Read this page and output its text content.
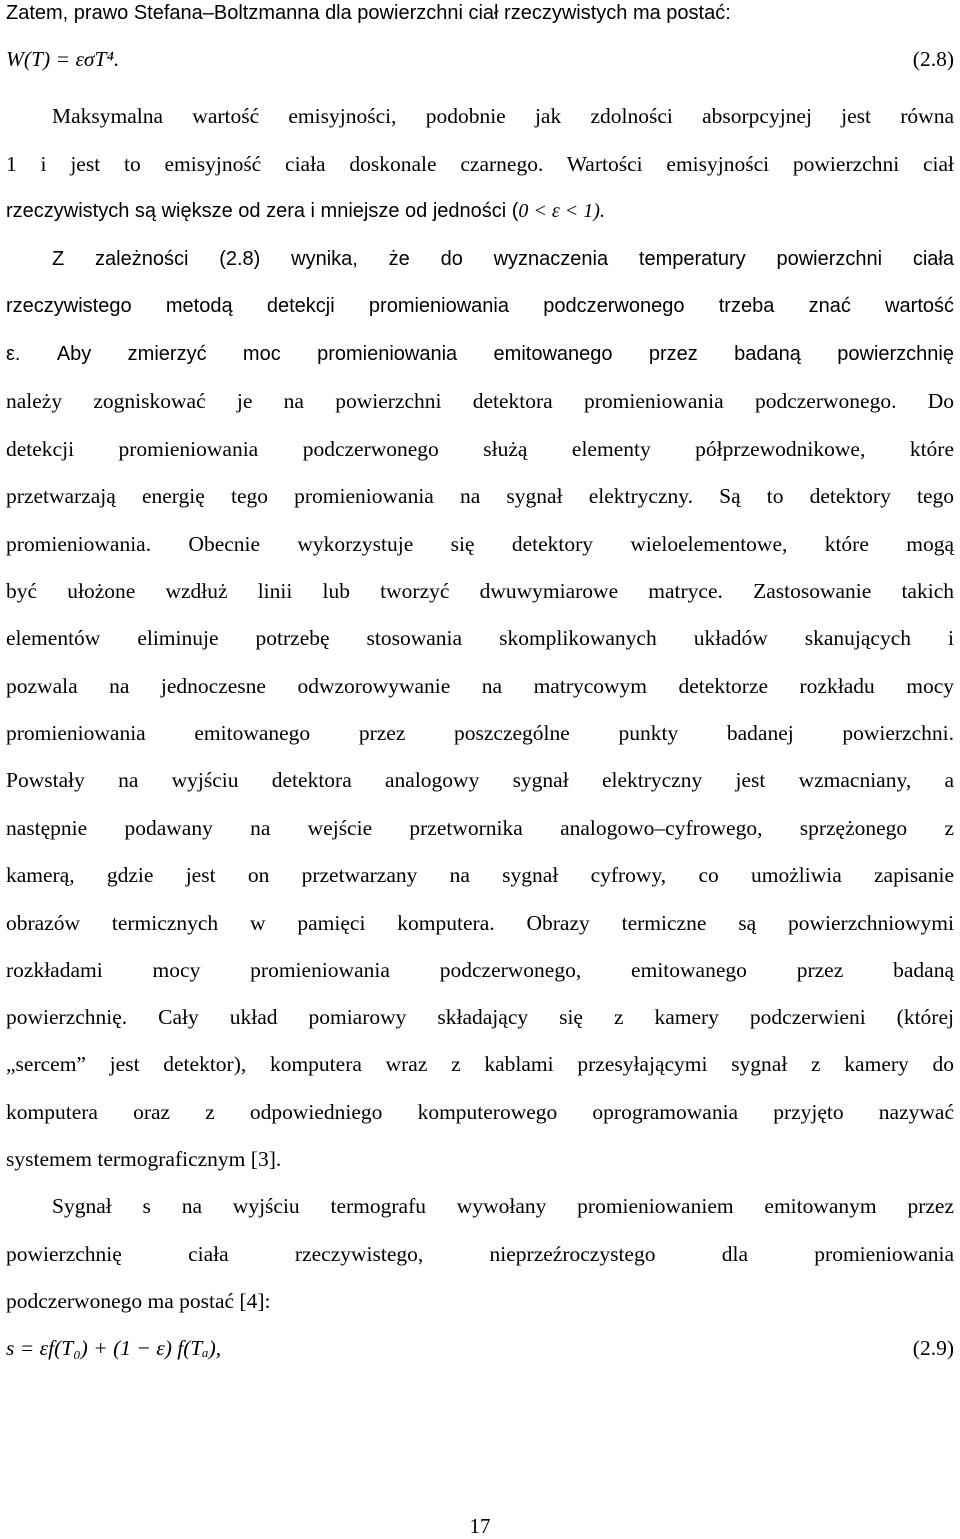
Zatem, prawo Stefana–Boltzmanna dla powierzchni ciał rzeczywistych ma postać:
W(T) = εσT⁴.	(2.8)
Maksymalna wartość emisyjności, podobnie jak zdolności absorpcyjnej jest równa
1 i jest to emisyjność ciała doskonale czarnego. Wartości emisyjności powierzchni ciał
rzeczywistych są większe od zera i mniejsze od jedności (0 < ε < 1).
Z zależności (2.8) wynika, że do wyznaczenia temperatury powierzchni ciała
rzeczywistego metodą detekcji promieniowania podczerwonego trzeba znać wartość
ε. Aby zmierzyć moc promieniowania emitowanego przez badaną powierzchnię
należy zogniskować je na powierzchni detektora promieniowania podczerwonego. Do
detekcji promieniowania podczerwonego służą elementy półprzewodnikowe, które
przetwarzają energię tego promieniowania na sygnał elektryczny. Są to detektory tego
promieniowania. Obecnie wykorzystuje się detektory wieloelementowe, które mogą
być ułożone wzdłuż linii lub tworzyć dwuwymiarowe matryce. Zastosowanie takich
elementów eliminuje potrzebę stosowania skomplikowanych układów skanujących i
pozwala na jednoczesne odwzorowywanie na matrycowym detektorze rozkładu mocy
promieniowania emitowanego przez poszczególne punkty badanej powierzchni.
Powstały na wyjściu detektora analogowy sygnał elektryczny jest wzmacniany, a
następnie podawany na wejście przetwornika analogowo–cyfrowego, sprzężonego z
kamerą, gdzie jest on przetwarzany na sygnał cyfrowy, co umożliwia zapisanie
obrazów termicznych w pamięci komputera. Obrazy termiczne są powierzchniowymi
rozkładami mocy promieniowania podczerwonego, emitowanego przez badaną
powierzchnię. Cały układ pomiarowy składający się z kamery podczerwieni (której
„sercem” jest detektor), komputera wraz z kablami przesyłającymi sygnał z kamery do
komputera oraz z odpowiedniego komputerowego oprogramowania przyjęto nazywać
systemem termograficznym [3].
Sygnał s na wyjściu termografu wywołany promieniowaniem emitowanym przez
powierzchnię ciała rzeczywistego, nieprzeźroczystego dla promieniowania
podczerwonego ma postać [4]:
s = εf(T₀) + (1 − ε) f(Tₐ),	(2.9)
17
